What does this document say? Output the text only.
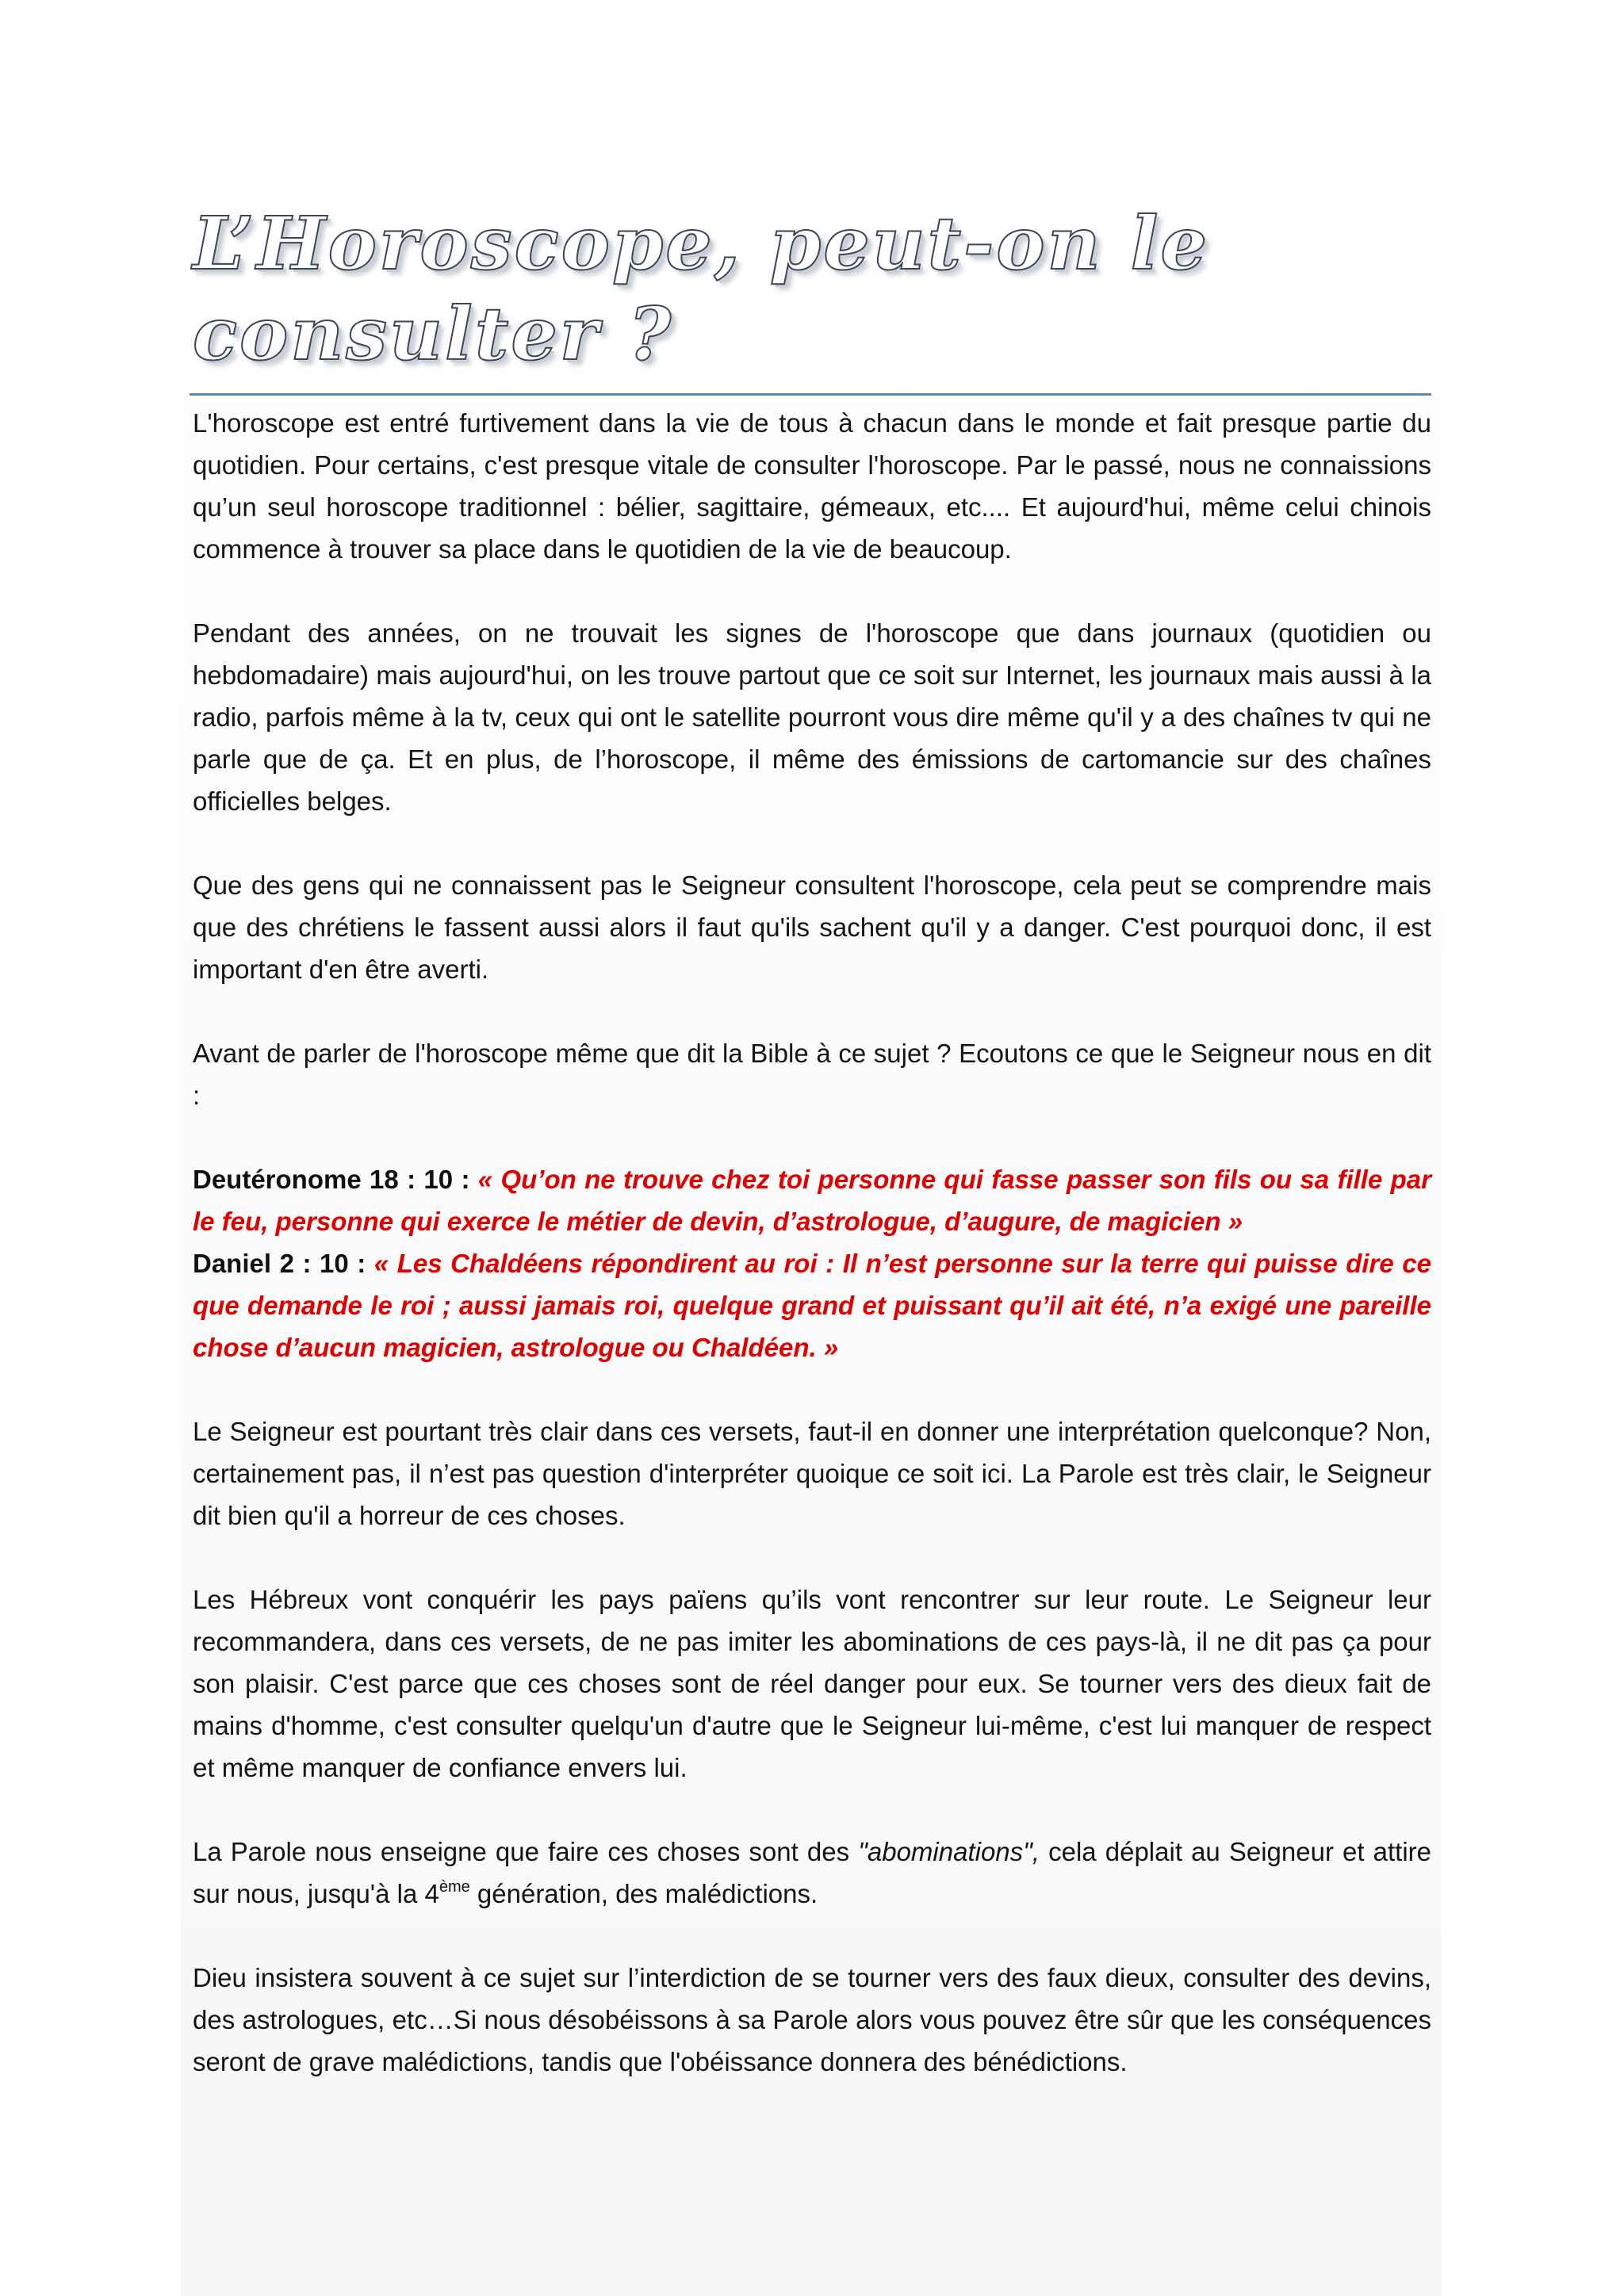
L’Horoscope, peut-on le consulter ?

L'horoscope est entré furtivement dans la vie de tous à chacun dans le monde et fait presque partie du quotidien. Pour certains, c'est presque vitale de consulter l'horoscope. Par le passé, nous ne connaissions qu’un seul horoscope traditionnel : bélier, sagittaire, gémeaux, etc.... Et aujourd'hui, même celui chinois commence à trouver sa place dans le quotidien de la vie de beaucoup.

Pendant des années, on ne trouvait les signes de l'horoscope que dans journaux (quotidien ou hebdomadaire) mais aujourd'hui, on les trouve partout que ce soit sur Internet, les journaux mais aussi à la radio, parfois même à la tv, ceux qui ont le satellite pourront vous dire même qu'il y a des chaînes tv qui ne parle que de ça. Et en plus, de l’horoscope, il même des émissions de cartomancie sur des chaînes officielles belges.

Que des gens qui ne connaissent pas le Seigneur consultent l'horoscope, cela peut se comprendre mais que des chrétiens le fassent aussi alors il faut qu'ils sachent qu'il y a danger. C'est pourquoi donc, il est important d'en être averti.

Avant de parler de l'horoscope même que dit la Bible à ce sujet ? Ecoutons ce que le Seigneur nous en dit :

Deutéronome 18 : 10 : « Qu’on ne trouve chez toi personne qui fasse passer son fils ou sa fille par le feu, personne qui exerce le métier de devin, d’astrologue, d’augure, de magicien »
Daniel 2 : 10 : « Les Chaldéens répondirent au roi : Il n’est personne sur la terre qui puisse dire ce que demande le roi ; aussi jamais roi, quelque grand et puissant qu’il ait été, n’a exigé une pareille chose d’aucun magicien, astrologue ou Chaldéen. »

Le Seigneur est pourtant très clair dans ces versets, faut-il en donner une interprétation quelconque? Non, certainement pas, il n’est pas question d'interpréter quoique ce soit ici. La Parole est très clair, le Seigneur dit bien qu'il a horreur de ces choses.

Les Hébreux vont conquérir les pays païens qu’ils vont rencontrer sur leur route. Le Seigneur leur recommandera, dans ces versets, de ne pas imiter les abominations de ces pays-là, il ne dit pas ça pour son plaisir. C'est parce que ces choses sont de réel danger pour eux. Se tourner vers des dieux fait de mains d'homme, c'est consulter quelqu'un d'autre que le Seigneur lui-même, c'est lui manquer de respect et même manquer de confiance envers lui.

La Parole nous enseigne que faire ces choses sont des "abominations", cela déplait au Seigneur et attire sur nous, jusqu'à la 4ème génération, des malédictions.

Dieu insistera souvent à ce sujet sur l’interdiction de se tourner vers des faux dieux, consulter des devins, des astrologues, etc…Si nous désobéissons à sa Parole alors vous pouvez être sûr que les conséquences seront de grave malédictions, tandis que l'obéissance donnera des bénédictions.
